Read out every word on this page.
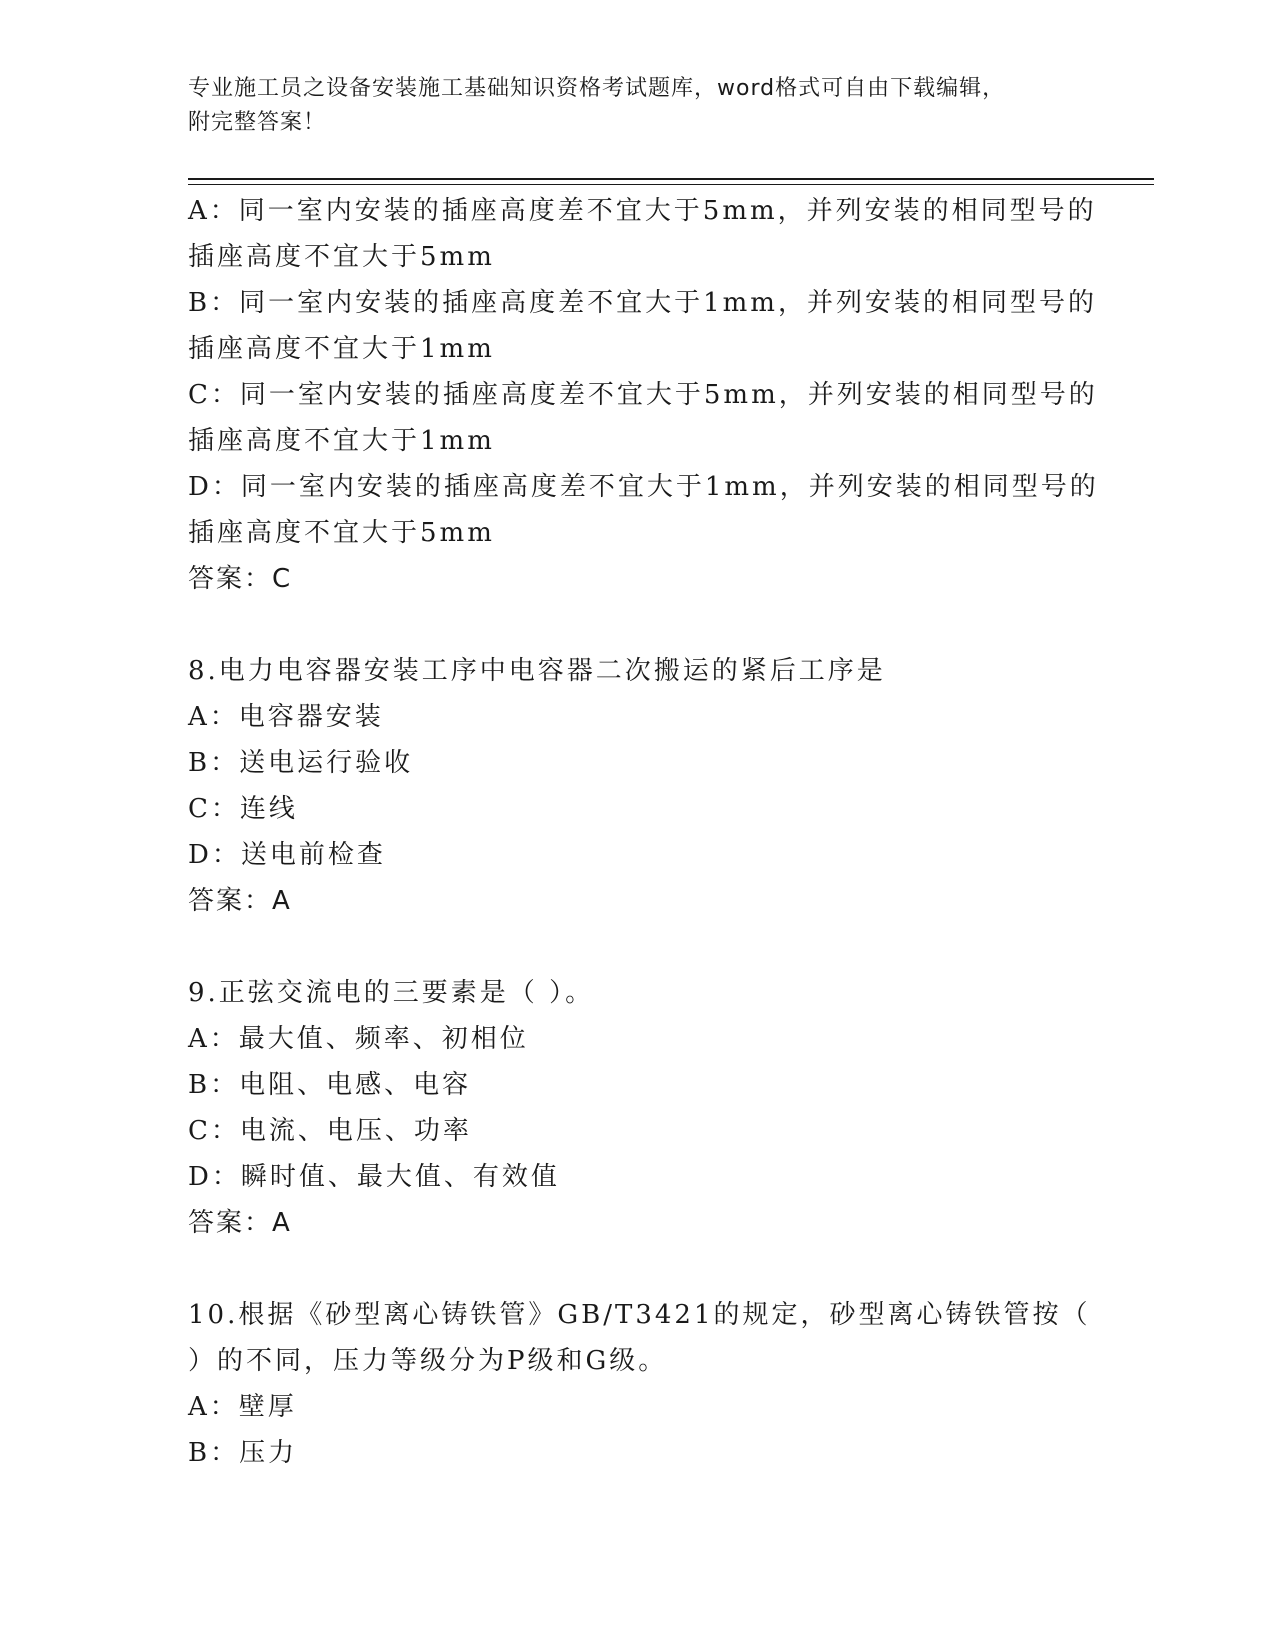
专业施工员之设备安装施工基础知识资格考试题库，word格式可自由下载编辑，
附完整答案！
A：同一室内安装的插座高度差不宜大于5mm，并列安装的相同型号的
插座高度不宜大于5mm
B：同一室内安装的插座高度差不宜大于1mm，并列安装的相同型号的
插座高度不宜大于1mm
C：同一室内安装的插座高度差不宜大于5mm，并列安装的相同型号的
插座高度不宜大于1mm
D：同一室内安装的插座高度差不宜大于1mm，并列安装的相同型号的
插座高度不宜大于5mm
答案：C
8.电力电容器安装工序中电容器二次搬运的紧后工序是
A：电容器安装
B：送电运行验收
C：连线
D：送电前检查
答案：A
9.正弦交流电的三要素是（ ）。
A：最大值、频率、初相位
B：电阻、电感、电容
C：电流、电压、功率
D：瞬时值、最大值、有效值
答案：A
10.根据《砂型离心铸铁管》GB/T3421的规定，砂型离心铸铁管按（
）的不同，压力等级分为P级和G级。
A：壁厚
B：压力
